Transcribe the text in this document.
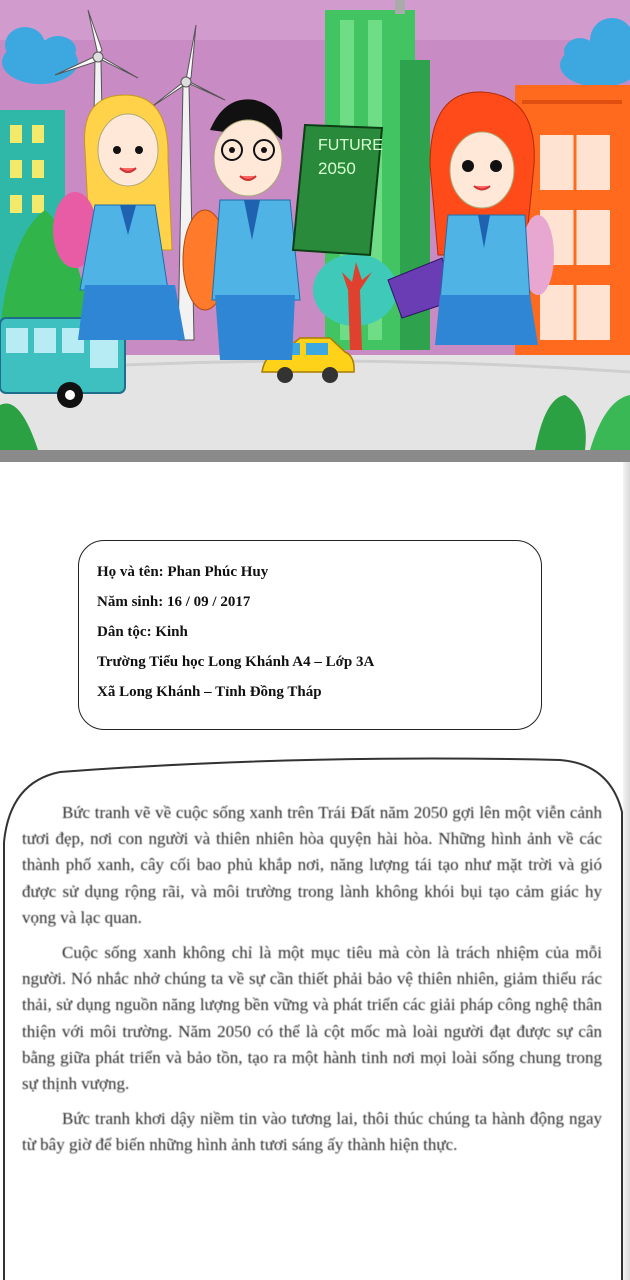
FUTURE
2050
Họ và tên: Phan Phúc Huy
Năm sinh: 16 / 09 / 2017
Dân tộc: Kinh
Trường Tiểu học Long Khánh A4 – Lớp 3A
Xã Long Khánh – Tỉnh Đồng Tháp

Bức tranh vẽ về cuộc sống xanh trên Trái Đất năm 2050 gợi lên một viễn cảnh tươi đẹp, nơi con người và thiên nhiên hòa quyện hài hòa. Những hình ảnh về các thành phố xanh, cây cối bao phủ khắp nơi, năng lượng tái tạo như mặt trời và gió được sử dụng rộng rãi, và môi trường trong lành không khói bụi tạo cảm giác hy vọng và lạc quan.

Cuộc sống xanh không chỉ là một mục tiêu mà còn là trách nhiệm của mỗi người. Nó nhắc nhở chúng ta về sự cần thiết phải bảo vệ thiên nhiên, giảm thiểu rác thải, sử dụng nguồn năng lượng bền vững và phát triển các giải pháp công nghệ thân thiện với môi trường. Năm 2050 có thể là cột mốc mà loài người đạt được sự cân bằng giữa phát triển và bảo tồn, tạo ra một hành tinh nơi mọi loài sống chung trong sự thịnh vượng.

Bức tranh khơi dậy niềm tin vào tương lai, thôi thúc chúng ta hành động ngay từ bây giờ để biến những hình ảnh tươi sáng ấy thành hiện thực.
